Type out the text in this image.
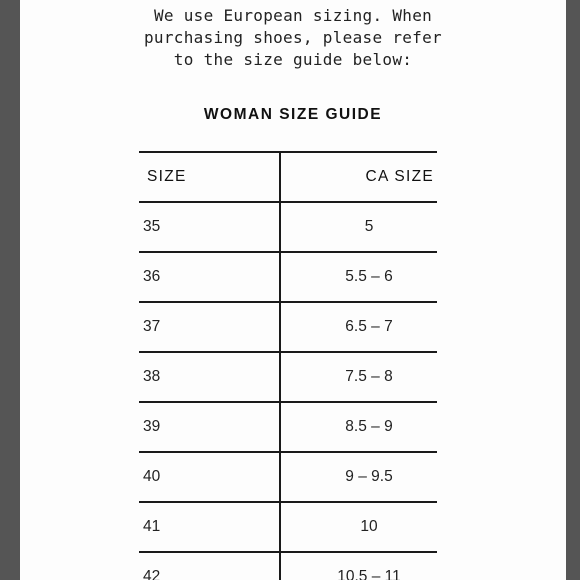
We use European sizing. When
purchasing shoes, please refer
to the size guide below:
WOMAN SIZE GUIDE
SIZE	CA SIZE
35	5
36	5.5 – 6
37	6.5 – 7
38	7.5 – 8
39	8.5 – 9
40	9 – 9.5
41	10
42	10.5 – 11
